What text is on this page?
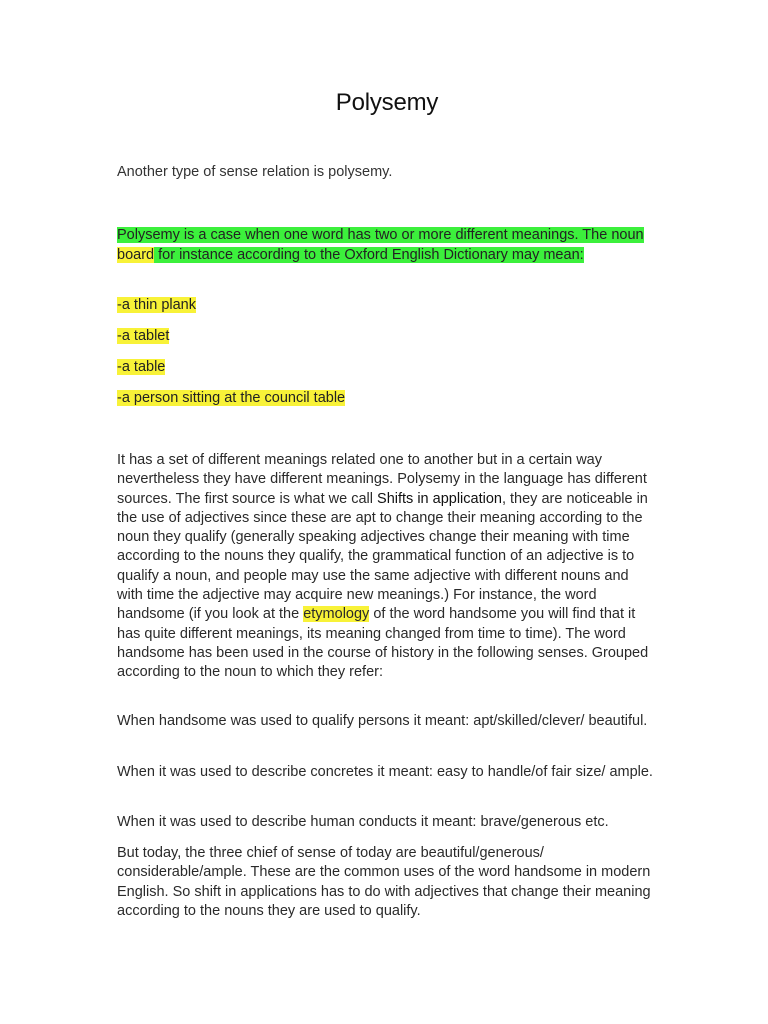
Polysemy
Another type of sense relation is polysemy.
Polysemy is a case when one word has two or more different meanings. The noun board for instance according to the Oxford English Dictionary may mean:
-a thin plank
-a tablet
-a table
-a person sitting at the council table
It has a set of different meanings related one to another but in a certain way nevertheless they have different meanings. Polysemy in the language has different sources. The first source is what we call Shifts in application, they are noticeable in the use of adjectives since these are apt to change their meaning according to the noun they qualify (generally speaking adjectives change their meaning with time according to the nouns they qualify, the grammatical function of an adjective is to qualify a noun, and people may use the same adjective with different nouns and with time the adjective may acquire new meanings.) For instance, the word handsome (if you look at the etymology of the word handsome you will find that it has quite different meanings, its meaning changed from time to time). The word handsome has been used in the course of history in the following senses. Grouped according to the noun to which they refer:
When handsome was used to qualify persons it meant: apt/skilled/clever/ beautiful.
When it was used to describe concretes it meant: easy to handle/of fair size/ ample.
When it was used to describe human conducts it meant: brave/generous etc.
But today, the three chief of sense of today are beautiful/generous/ considerable/ample. These are the common uses of the word handsome in modern English. So shift in applications has to do with adjectives that change their meaning according to the nouns they are used to qualify.
